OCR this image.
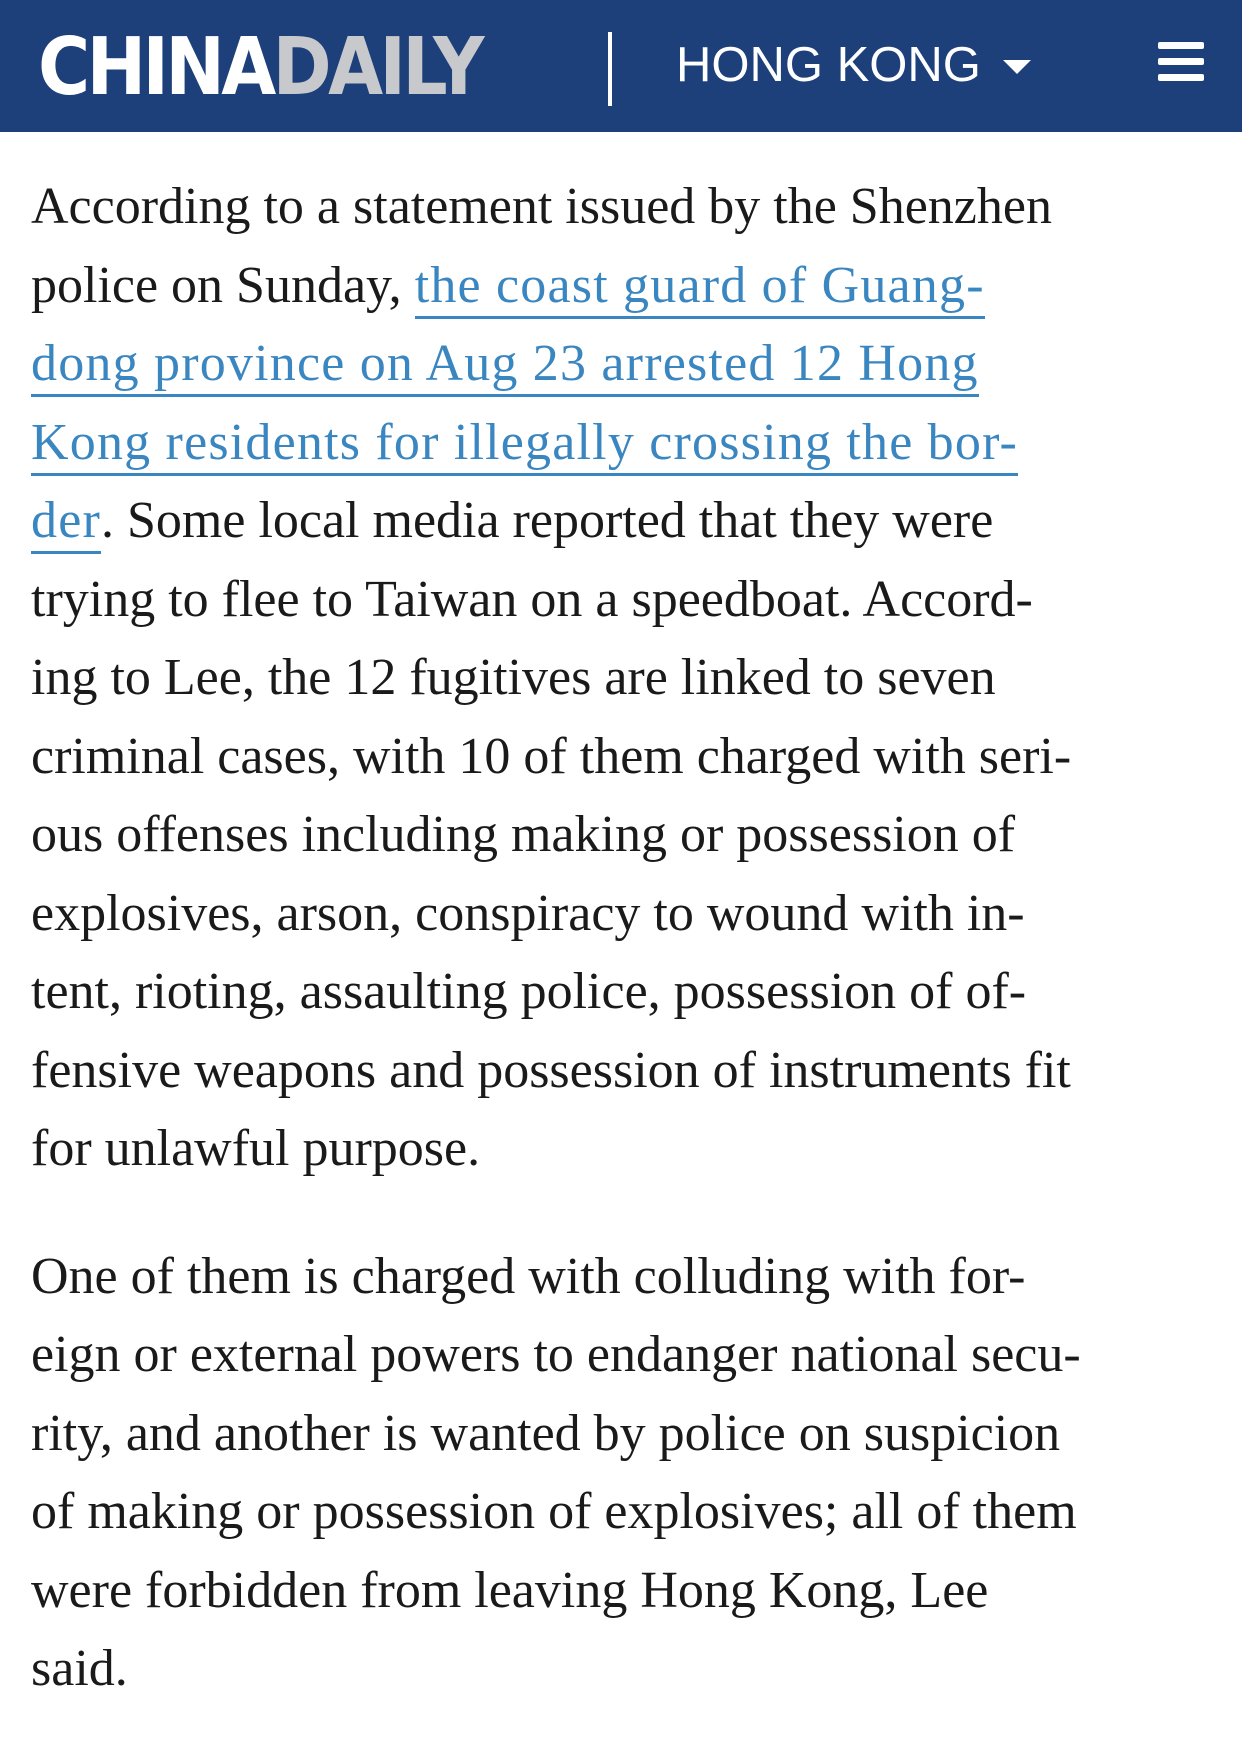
CHINADAILY	HONG KONG

According to a statement issued by the Shenzhen
police on Sunday, the coast guard of Guang-
dong province on Aug 23 arrested 12 Hong
Kong residents for illegally crossing the bor-
der. Some local media reported that they were
trying to flee to Taiwan on a speedboat. Accord-
ing to Lee, the 12 fugitives are linked to seven
criminal cases, with 10 of them charged with seri-
ous offenses including making or possession of
explosives, arson, conspiracy to wound with in-
tent, rioting, assaulting police, possession of of-
fensive weapons and possession of instruments fit
for unlawful purpose.

One of them is charged with colluding with for-
eign or external powers to endanger national secu-
rity, and another is wanted by police on suspicion
of making or possession of explosives; all of them
were forbidden from leaving Hong Kong, Lee
said.
